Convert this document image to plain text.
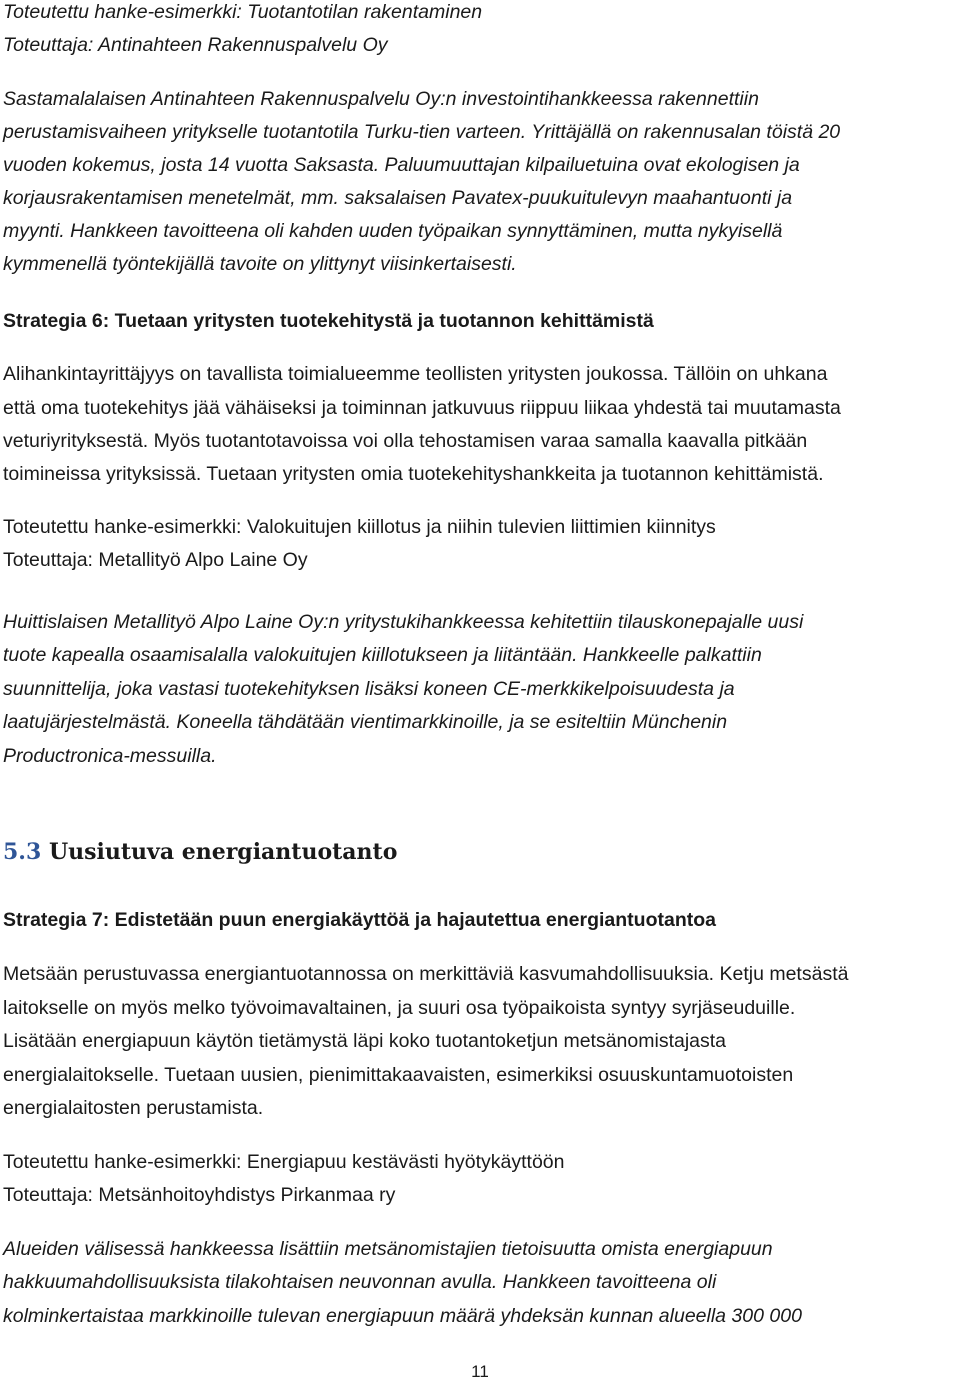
Toteutettu hanke-esimerkki: Tuotantotilan rakentaminen
Toteuttaja: Antinahteen Rakennuspalvelu Oy
Sastamalalaisen Antinahteen Rakennuspalvelu Oy:n investointihankkeessa rakennettiin
perustamisvaiheen yritykselle tuotantotila Turku-tien varteen. Yrittäjällä on rakennusalan töistä 20
vuoden kokemus, josta 14 vuotta Saksasta. Paluumuuttajan kilpailuetuina ovat ekologisen ja
korjausrakentamisen menetelmät, mm. saksalaisen Pavatex-puukuitulevyn maahantuonti ja
myynti. Hankkeen tavoitteena oli kahden uuden työpaikan synnyttäminen, mutta nykyisellä
kymmenellä työntekijällä tavoite on ylittynyt viisinkertaisesti.
Strategia 6: Tuetaan yritysten tuotekehitystä ja tuotannon kehittämistä
Alihankintayrittäjyys on tavallista toimialueemme teollisten yritysten joukossa. Tällöin on uhkana
että oma tuotekehitys jää vähäiseksi ja toiminnan jatkuvuus riippuu liikaa yhdestä tai muutamasta
veturiyrityksestä. Myös tuotantotavoissa voi olla tehostamisen varaa samalla kaavalla pitkään
toimineissa yrityksissä. Tuetaan yritysten omia tuotekehityshankkeita ja tuotannon kehittämistä.
Toteutettu hanke-esimerkki: Valokuitujen kiillotus ja niihin tulevien liittimien kiinnitys
Toteuttaja: Metallityö Alpo Laine Oy
Huittislaisen Metallityö Alpo Laine Oy:n yritystukihankkeessa kehitettiin tilauskonepajalle uusi
tuote kapealla osaamisalalla valokuitujen kiillotukseen ja liitäntään. Hankkeelle palkattiin
suunnittelija, joka vastasi tuotekehityksen lisäksi koneen CE-merkkikelpoisuudesta ja
laatujärjestelmästä. Koneella tähdätään vientimarkkinoille, ja se esiteltiin Münchenin
Productronica-messuilla.
5.3 Uusiutuva energiantuotanto
Strategia 7: Edistetään puun energiakäyttöä ja hajautettua energiantuotantoa
Metsään perustuvassa energiantuotannossa on merkittäviä kasvumahdollisuuksia. Ketju metsästä
laitokselle on myös melko työvoimavaltainen, ja suuri osa työpaikoista syntyy syrjäseuduille.
Lisätään energiapuun käytön tietämystä läpi koko tuotantoketjun metsänomistajasta
energialaitokselle. Tuetaan uusien, pienimittakaavaisten, esimerkiksi osuuskuntamuotoisten
energialaitosten perustamista.
Toteutettu hanke-esimerkki: Energiapuu kestävästi hyötykäyttöön
Toteuttaja: Metsänhoitoyhdistys Pirkanmaa ry
Alueiden välisessä hankkeessa lisättiin metsänomistajien tietoisuutta omista energiapuun
hakkuumahdollisuuksista tilakohtaisen neuvonnan avulla. Hankkeen tavoitteena oli
kolminkertaistaa markkinoille tulevan energiapuun määrä yhdeksän kunnan alueella 300 000
11
